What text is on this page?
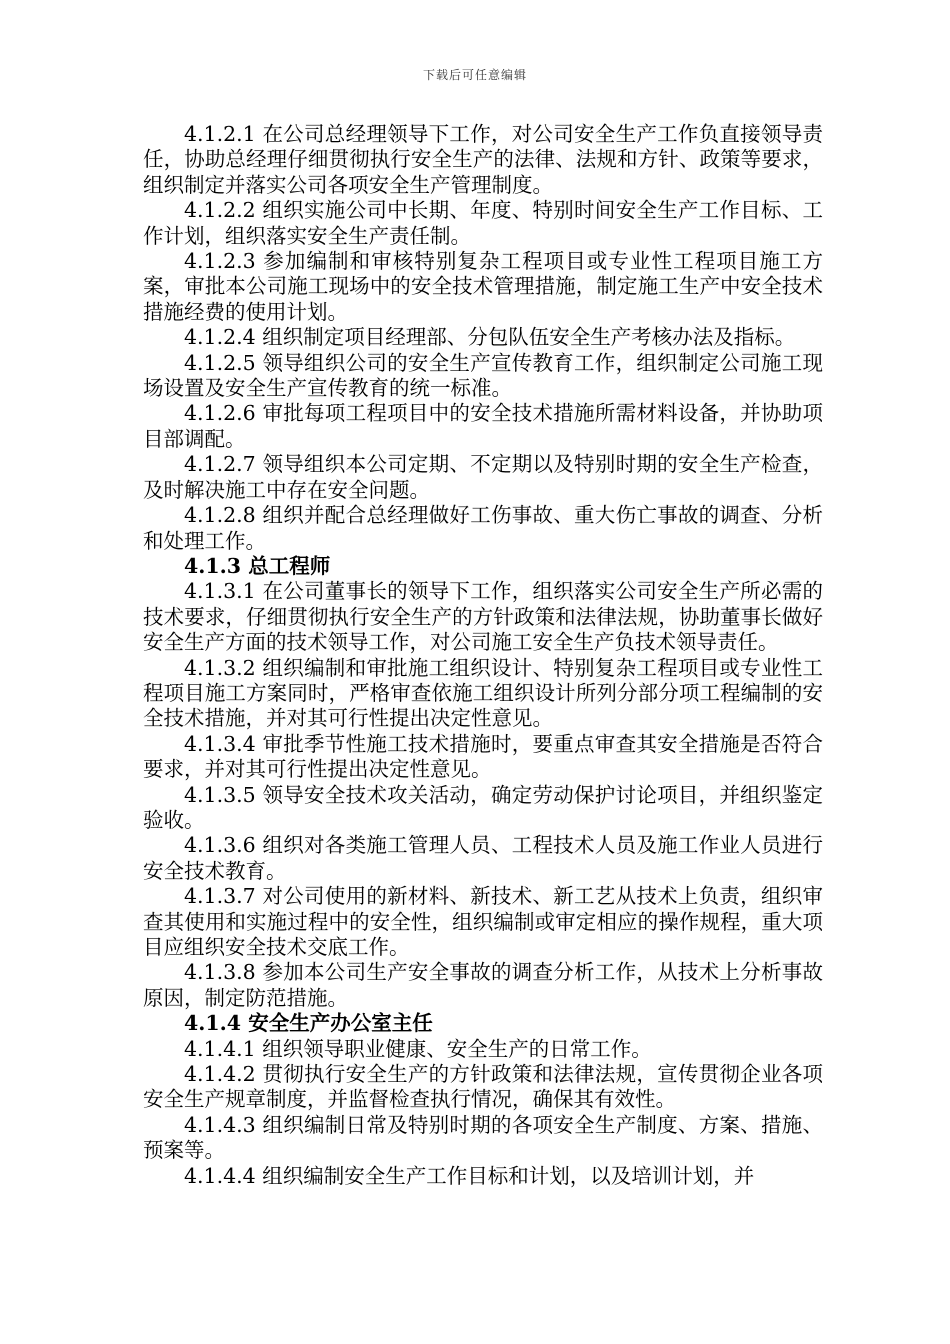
下载后可任意编辑

4.1.2.1 在公司总经理领导下工作，对公司安全生产工作负直接领导责任，协助总经理仔细贯彻执行安全生产的法律、法规和方针、政策等要求，组织制定并落实公司各项安全生产管理制度。

4.1.2.2 组织实施公司中长期、年度、特别时间安全生产工作目标、工作计划，组织落实安全生产责任制。

4.1.2.3 参加编制和审核特别复杂工程项目或专业性工程项目施工方案，审批本公司施工现场中的安全技术管理措施，制定施工生产中安全技术措施经费的使用计划。

4.1.2.4 组织制定项目经理部、分包队伍安全生产考核办法及指标。

4.1.2.5 领导组织公司的安全生产宣传教育工作，组织制定公司施工现场设置及安全生产宣传教育的统一标准。

4.1.2.6 审批每项工程项目中的安全技术措施所需材料设备，并协助项目部调配。

4.1.2.7 领导组织本公司定期、不定期以及特别时期的安全生产检查，及时解决施工中存在安全问题。

4.1.2.8 组织并配合总经理做好工伤事故、重大伤亡事故的调查、分析和处理工作。

4.1.3 总工程师

4.1.3.1 在公司董事长的领导下工作，组织落实公司安全生产所必需的技术要求，仔细贯彻执行安全生产的方针政策和法律法规，协助董事长做好安全生产方面的技术领导工作，对公司施工安全生产负技术领导责任。

4.1.3.2 组织编制和审批施工组织设计、特别复杂工程项目或专业性工程项目施工方案同时，严格审查依施工组织设计所列分部分项工程编制的安全技术措施，并对其可行性提出决定性意见。

4.1.3.4 审批季节性施工技术措施时，要重点审查其安全措施是否符合要求，并对其可行性提出决定性意见。

4.1.3.5 领导安全技术攻关活动，确定劳动保护讨论项目，并组织鉴定验收。

4.1.3.6 组织对各类施工管理人员、工程技术人员及施工作业人员进行安全技术教育。

4.1.3.7 对公司使用的新材料、新技术、新工艺从技术上负责，组织审查其使用和实施过程中的安全性，组织编制或审定相应的操作规程，重大项目应组织安全技术交底工作。

4.1.3.8 参加本公司生产安全事故的调查分析工作，从技术上分析事故原因，制定防范措施。

4.1.4 安全生产办公室主任

4.1.4.1 组织领导职业健康、安全生产的日常工作。

4.1.4.2 贯彻执行安全生产的方针政策和法律法规，宣传贯彻企业各项安全生产规章制度，并监督检查执行情况，确保其有效性。

4.1.4.3 组织编制日常及特别时期的各项安全生产制度、方案、措施、预案等。

4.1.4.4 组织编制安全生产工作目标和计划，以及培训计划，并
